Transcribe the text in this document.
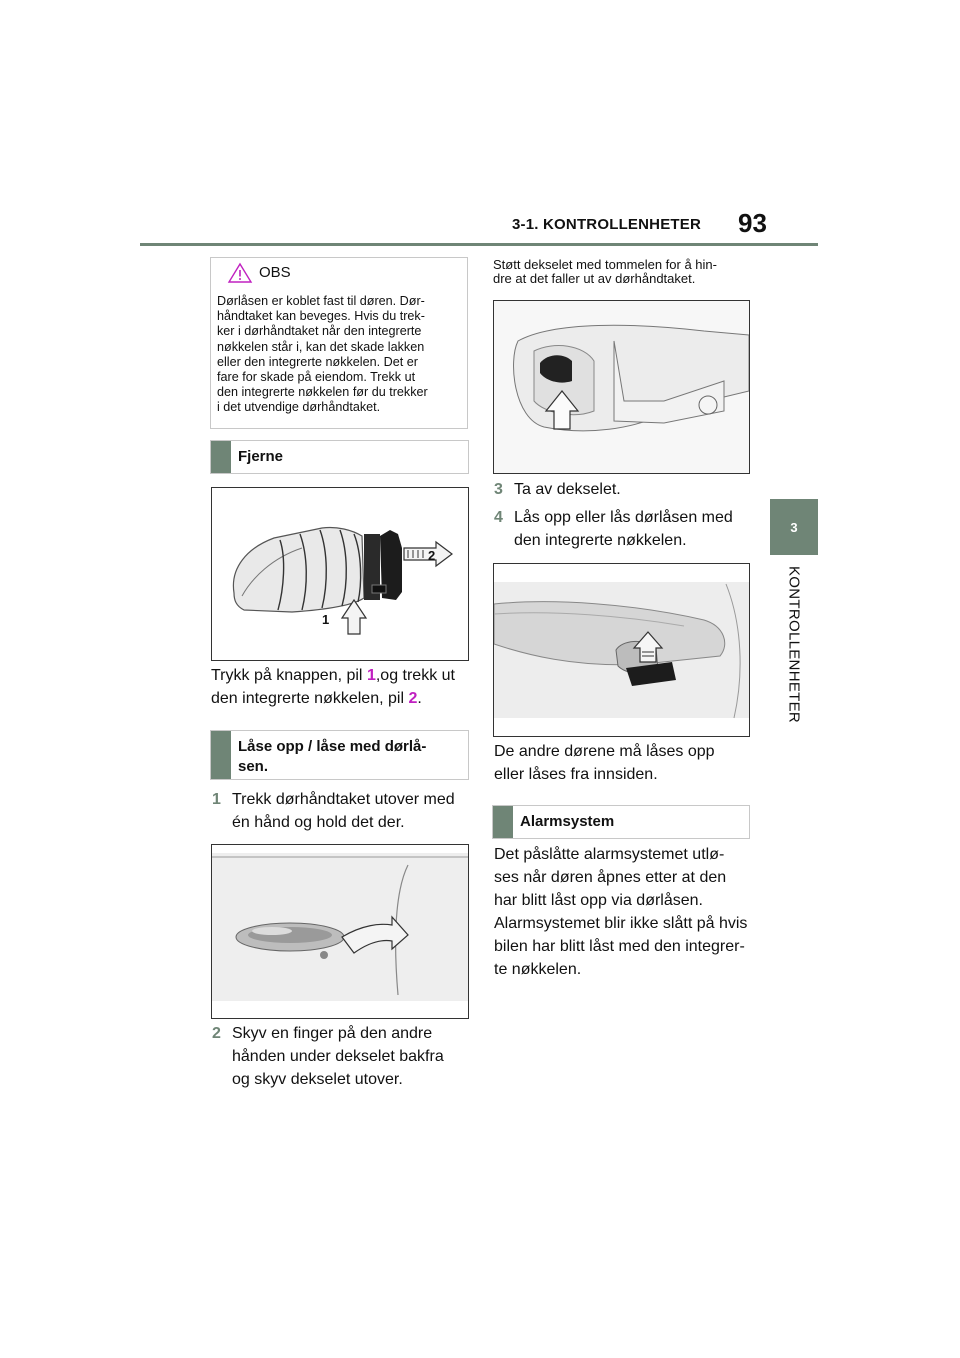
3-1. KONTROLLENHETER 93
3
KONTROLLENHETER
OBS
Dørlåsen er koblet fast til døren. Dør-
håndtaket kan beveges. Hvis du trek-
ker i dørhåndtaket når den integrerte
nøkkelen står i, kan det skade lakken
eller den integrerte nøkkelen. Det er
fare for skade på eiendom. Trekk ut
den integrerte nøkkelen før du trekker
i det utvendige dørhåndtaket.
Fjerne
2
1
Trykk på knappen, pil 1,og trekk ut
den integrerte nøkkelen, pil 2.
Låse opp / låse med dørlå-
sen.
1 Trekk dørhåndtaket utover med
én hånd og hold det der.
2 Skyv en finger på den andre
hånden under dekselet bakfra
og skyv dekselet utover.
Støtt dekselet med tommelen for å hin-
dre at det faller ut av dørhåndtaket.
3 Ta av dekselet.
4 Lås opp eller lås dørlåsen med
den integrerte nøkkelen.
De andre dørene må låses opp
eller låses fra innsiden.
Alarmsystem
Det påslåtte alarmsystemet utlø-
ses når døren åpnes etter at den
har blitt låst opp via dørlåsen.
Alarmsystemet blir ikke slått på hvis
bilen har blitt låst med den integrer-
te nøkkelen.
